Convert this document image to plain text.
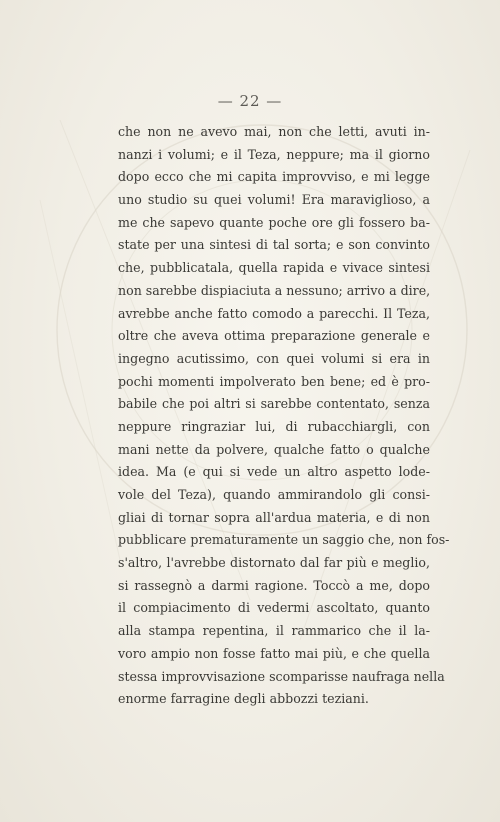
— 22 —
che non ne avevo mai, non che letti, avuti in-
nanzi i volumi; e il Teza, neppure; ma il giorno
dopo ecco che mi capita improvviso, e mi legge
uno studio su quei volumi! Era maraviglioso, a
me che sapevo quante poche ore gli fossero ba-
state per una sintesi di tal sorta; e son convinto
che, pubblicatala, quella rapida e vivace sintesi
non sarebbe dispiaciuta a nessuno; arrivo a dire,
avrebbe anche fatto comodo a parecchi. Il Teza,
oltre che aveva ottima preparazione generale e
ingegno acutissimo, con quei volumi si era in
pochi momenti impolverato ben bene; ed è pro-
babile che poi altri si sarebbe contentato, senza
neppure ringraziar lui, di rubacchiargli, con
mani nette da polvere, qualche fatto o qualche
idea. Ma (e qui si vede un altro aspetto lode-
vole del Teza), quando ammirandolo gli consi-
gliai di tornar sopra all'ardua materia, e di non
pubblicare prematuramente un saggio che, non fos-
s'altro, l'avrebbe distornato dal far più e meglio,
si rassegnò a darmi ragione. Toccò a me, dopo
il compiacimento di vedermi ascoltato, quanto
alla stampa repentina, il rammarico che il la-
voro ampio non fosse fatto mai più, e che quella
stessa improvvisazione scomparisse naufraga nella
enorme farragine degli abbozzi teziani.
